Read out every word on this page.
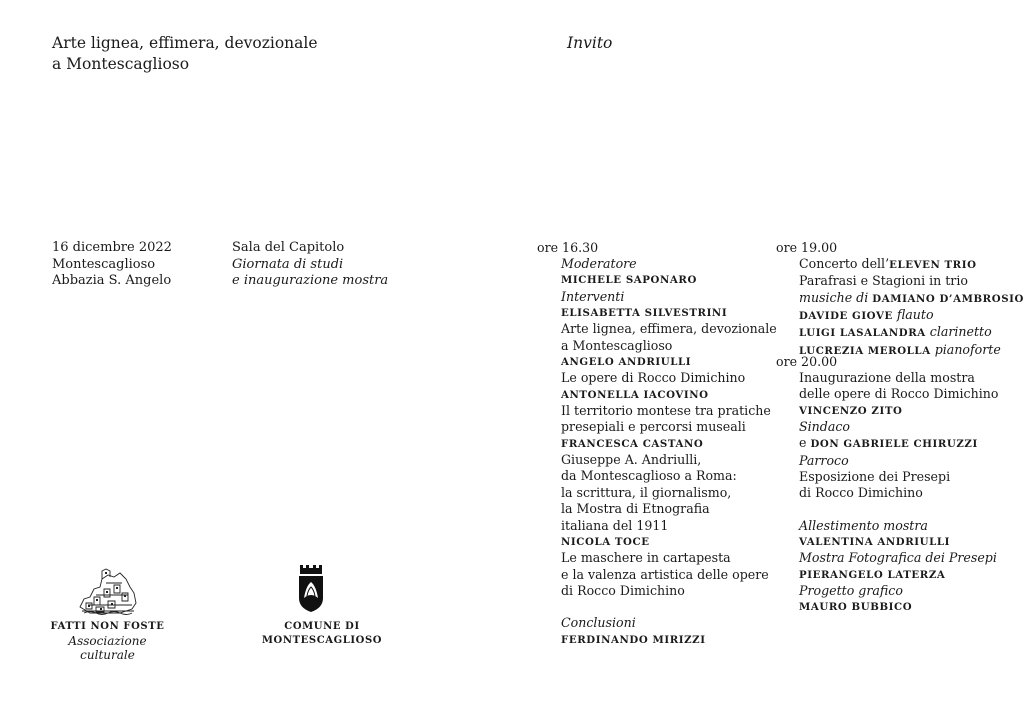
Arte lignea, effimera, devozionale
a Montescaglioso
Invito
16 dicembre 2022
Montescaglioso
Abbazia S. Angelo
Sala del Capitolo
Giornata di studi
e inaugurazione mostra
ore 16.30
Moderatore
MICHELE SAPONARO
Interventi
ELISABETTA SILVESTRINI
Arte lignea, effimera, devozionale
a Montescaglioso
ANGELO ANDRIULLI
Le opere di Rocco Dimichino
ANTONELLA IACOVINO
Il territorio montese tra pratiche
presepiali e percorsi museali
FRANCESCA CASTANO
Giuseppe A. Andriulli,
da Montescaglioso a Roma:
la scrittura, il giornalismo,
la Mostra di Etnografia
italiana del 1911
NICOLA TOCE
Le maschere in cartapesta
e la valenza artistica delle opere
di Rocco Dimichino
Conclusioni
FERDINANDO MIRIZZI
ore 19.00
Concerto dell’ELEVEN TRIO
Parafrasi e Stagioni in trio
musiche di DAMIANO D’AMBROSIO
DAVIDE GIOVE flauto
LUIGI LASALANDRA clarinetto
LUCREZIA MEROLLA pianoforte
ore 20.00
Inaugurazione della mostra
delle opere di Rocco Dimichino
VINCENZO ZITO
Sindaco
e DON GABRIELE CHIRUZZI
Parroco
Esposizione dei Presepi
di Rocco Dimichino
Allestimento mostra
VALENTINA ANDRIULLI
Mostra Fotografica dei Presepi
PIERANGELO LATERZA
Progetto grafico
MAURO BUBBICO
FATTI NON FOSTE
Associazione culturale
COMUNE DI MONTESCAGLIOSO
